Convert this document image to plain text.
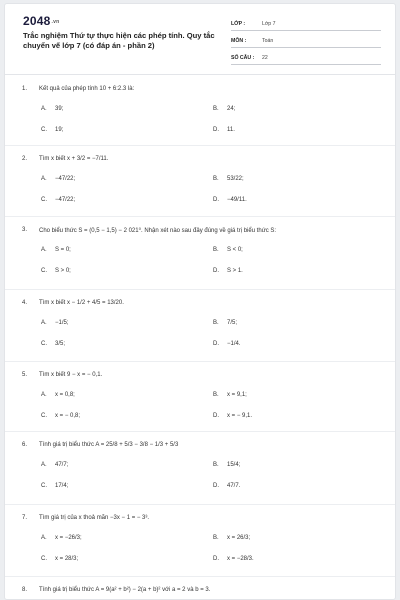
2048.vn
Trắc nghiệm Thứ tự thực hiện các phép tính. Quy tắc chuyển vế lớp 7 (có đáp án - phần 2)
LỚP :	Lớp 7
MÔN :	Toán
SỐ CÂU : 22
1. Kết quả của phép tính 10 + 6:2.3 là:
A. 39;	B. 24;
C. 19;	D. 11.
2. Tìm x biết x + 3/2 = −7/11.
A. −47/22;	B. 53/22;
C. −47/22;	D. −49/11.
3. Cho biểu thức S = (0,5 − 1,5) − 2 021⁰. Nhận xét nào sau đây đúng về giá trị biểu thức S:
A. S = 0;	B. S < 0;
C. S > 0;	D. S > 1.
4. Tìm x biết x − 1/2 + 4/5 = 13/20.
A. −1/5;	B. 7/5;
C. 3/5;	D. −1/4.
5. Tìm x biết 9 − x = − 0,1.
A. x = 0,8;	B. x = 9,1;
C. x = − 0,8;	D. x = − 9,1.
6. Tính giá trị biểu thức A = 25/8 + 5/3 − 3/8 − 1/3 + 5/3
A. 47/7;	B. 15/4;
C. 17/4;	D. 47/7.
7. Tìm giá trị của x thoả mãn −3x − 1 = − 3³.
A. x = −26/3;	B. x = 26/3;
C. x = 28/3;	D. x = −28/3.
8. Tính giá trị biểu thức A = 9(a² + b²) − 2(a + b)² với a = 2 và b = 3.
